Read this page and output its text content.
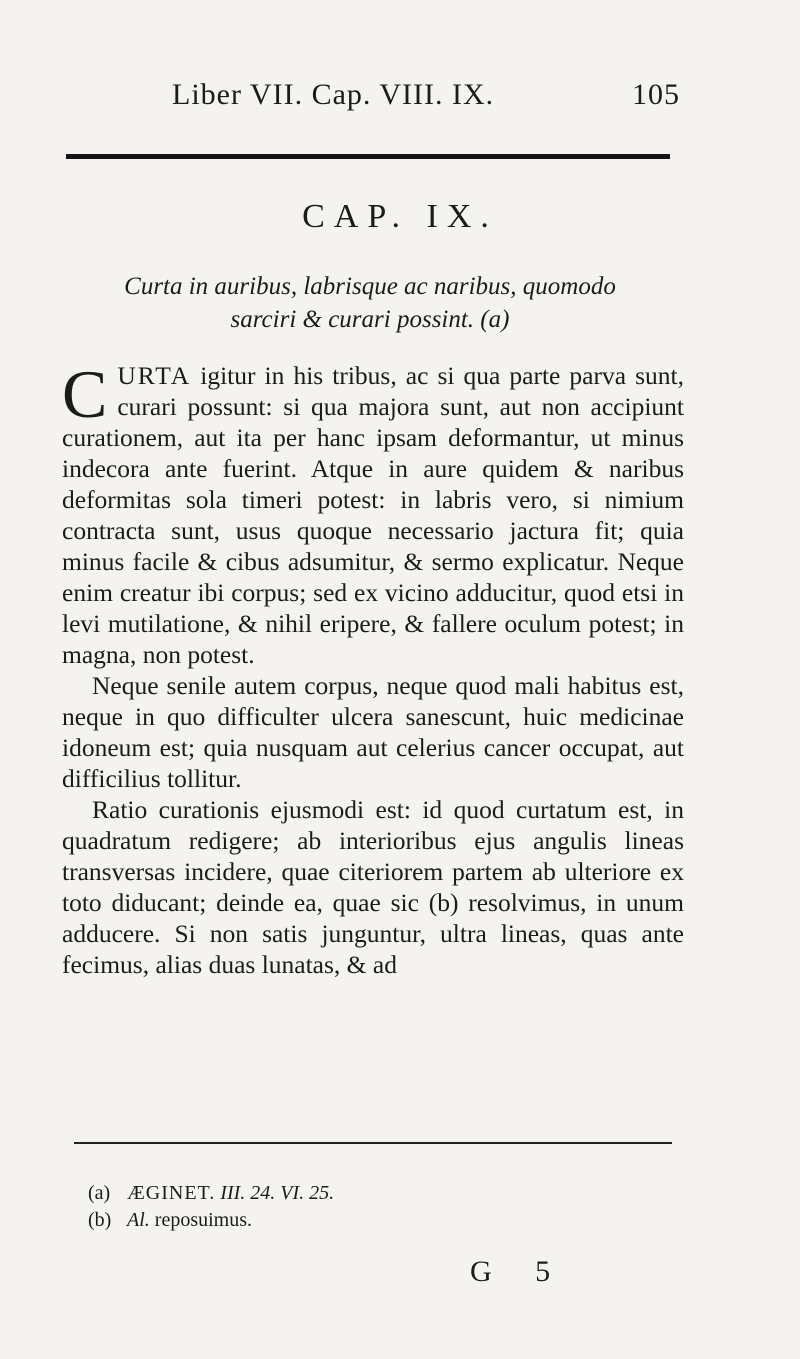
Liber VII. Cap. VIII. IX.	105
CAP. IX.
Curta in auribus, labrisque ac naribus, quomodo
sarciri & curari possint. (a)

CURTA igitur in his tribus, ac si qua parte parva sunt, curari possunt: si qua majora sunt, aut non accipiunt curationem, aut ita per hanc ipsam deformantur, ut minus indecora ante fuerint. Atque in aure quidem & naribus deformitas sola timeri potest: in labris vero, si nimium contracta sunt, usus quoque necessario jactura fit; quia minus facile & cibus adsumitur, & sermo explicatur. Neque enim creatur ibi corpus; sed ex vicino adducitur, quod etsi in levi mutilatione, & nihil eripere, & fallere oculum potest; in magna, non potest.

Neque senile autem corpus, neque quod mali habitus est, neque in quo difficulter ulcera sanescunt, huic medicinae idoneum est; quia nusquam aut celerius cancer occupat, aut difficilius tollitur.

Ratio curationis ejusmodi est: id quod curtatum est, in quadratum redigere; ab interioribus ejus angulis lineas transversas incidere, quae citeriorem partem ab ulteriore ex toto diducant; deinde ea, quae sic (b) resolvimus, in unum adducere. Si non satis junguntur, ultra lineas, quas ante fecimus, alias duas lunatas, & ad

(a) ÆGINET. III. 24. VI. 25.

(b) Al. reposuimus.

G 5
